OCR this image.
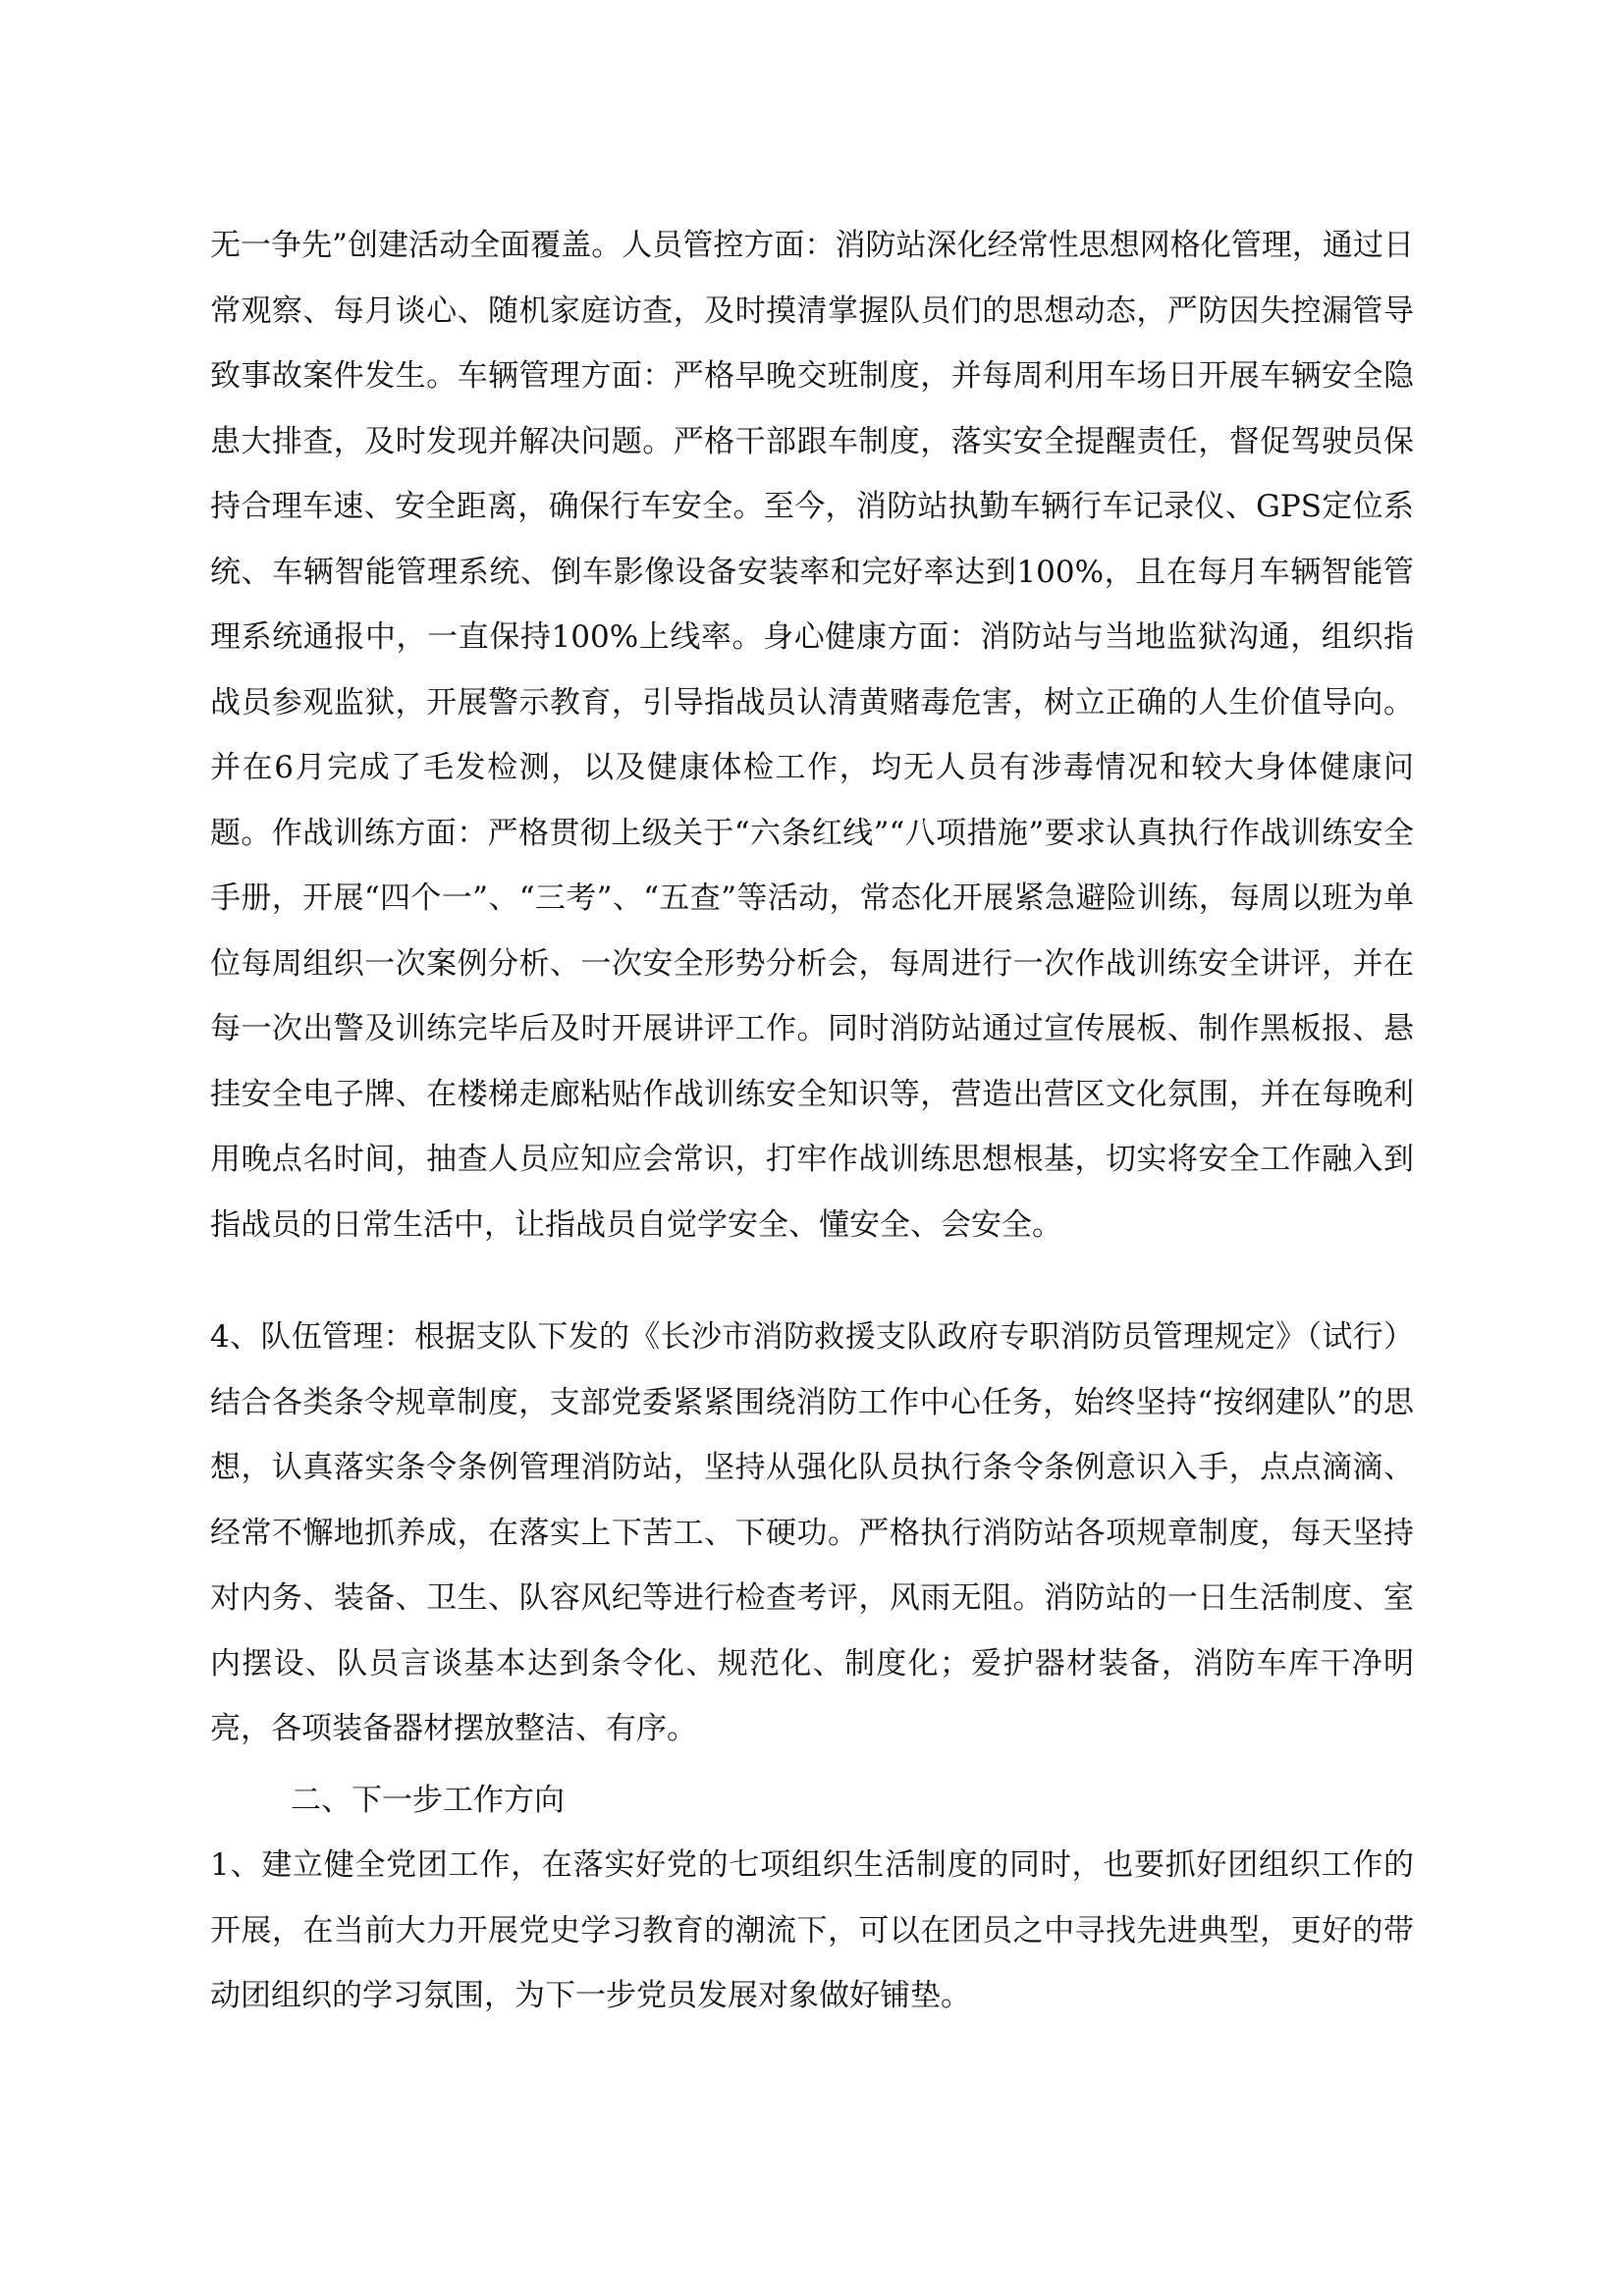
无一争先”创建活动全面覆盖。人员管控方面：消防站深化经常性思想网格化管理，通过日常观察、每月谈心、随机家庭访查，及时摸清掌握队员们的思想动态，严防因失控漏管导致事故案件发生。车辆管理方面：严格早晚交班制度，并每周利用车场日开展车辆安全隐患大排查，及时发现并解决问题。严格干部跟车制度，落实安全提醒责任，督促驾驶员保持合理车速、安全距离，确保行车安全。至今，消防站执勤车辆行车记录仪、GPS定位系统、车辆智能管理系统、倒车影像设备安装率和完好率达到100%，且在每月车辆智能管理系统通报中，一直保持100%上线率。身心健康方面：消防站与当地监狱沟通，组织指战员参观监狱，开展警示教育，引导指战员认清黄赌毒危害，树立正确的人生价值导向。并在6月完成了毛发检测，以及健康体检工作，均无人员有涉毒情况和较大身体健康问题。作战训练方面：严格贯彻上级关于“六条红线”“八项措施”要求认真执行作战训练安全手册，开展“四个一”、“三考”、“五查”等活动，常态化开展紧急避险训练，每周以班为单位每周组织一次案例分析、一次安全形势分析会，每周进行一次作战训练安全讲评，并在每一次出警及训练完毕后及时开展讲评工作。同时消防站通过宣传展板、制作黑板报、悬挂安全电子牌、在楼梯走廊粘贴作战训练安全知识等，营造出营区文化氛围，并在每晚利用晚点名时间，抽查人员应知应会常识，打牢作战训练思想根基，切实将安全工作融入到指战员的日常生活中，让指战员自觉学安全、懂安全、会安全。

4、队伍管理：根据支队下发的《长沙市消防救援支队政府专职消防员管理规定》（试行）结合各类条令规章制度，支部党委紧紧围绕消防工作中心任务，始终坚持“按纲建队”的思想，认真落实条令条例管理消防站，坚持从强化队员执行条令条例意识入手，点点滴滴、经常不懈地抓养成，在落实上下苦工、下硬功。严格执行消防站各项规章制度，每天坚持对内务、装备、卫生、队容风纪等进行检查考评，风雨无阻。消防站的一日生活制度、室内摆设、队员言谈基本达到条令化、规范化、制度化；爱护器材装备，消防车库干净明亮，各项装备器材摆放整洁、有序。

二、下一步工作方向

1、建立健全党团工作，在落实好党的七项组织生活制度的同时，也要抓好团组织工作的开展，在当前大力开展党史学习教育的潮流下，可以在团员之中寻找先进典型，更好的带动团组织的学习氛围，为下一步党员发展对象做好铺垫。
